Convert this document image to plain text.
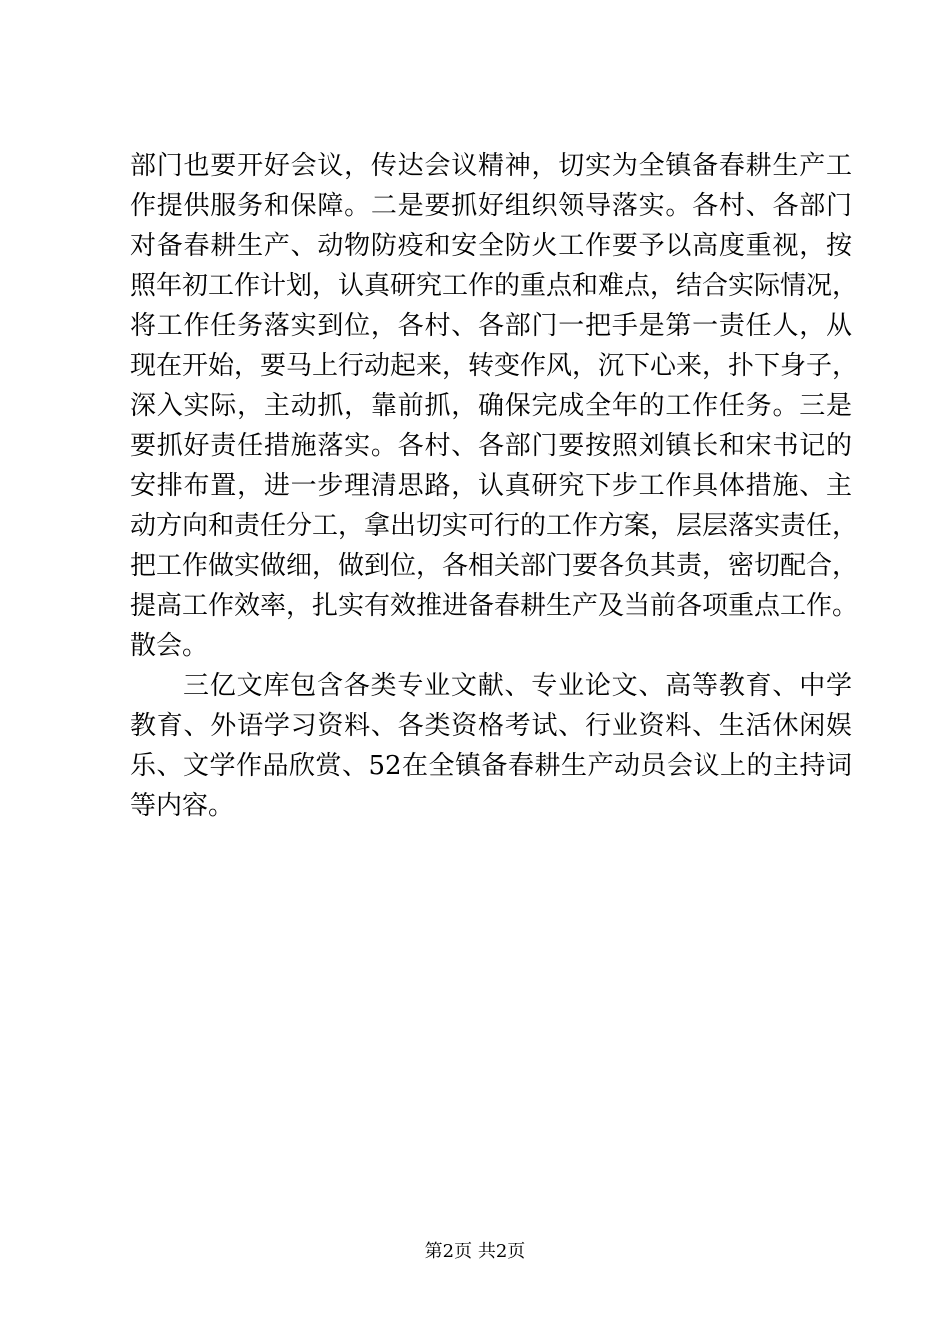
部门也要开好会议，传达会议精神，切实为全镇备春耕生产工
作提供服务和保障。二是要抓好组织领导落实。各村、各部门
对备春耕生产、动物防疫和安全防火工作要予以高度重视，按
照年初工作计划，认真研究工作的重点和难点，结合实际情况，
将工作任务落实到位，各村、各部门一把手是第一责任人，从
现在开始，要马上行动起来，转变作风，沉下心来，扑下身子，
深入实际，主动抓，靠前抓，确保完成全年的工作任务。三是
要抓好责任措施落实。各村、各部门要按照刘镇长和宋书记的
安排布置，进一步理清思路，认真研究下步工作具体措施、主
动方向和责任分工，拿出切实可行的工作方案，层层落实责任，
把工作做实做细，做到位，各相关部门要各负其责，密切配合，
提高工作效率，扎实有效推进备春耕生产及当前各项重点工作。
散会。
三亿文库包含各类专业文献、专业论文、高等教育、中学
教育、外语学习资料、各类资格考试、行业资料、生活休闲娱
乐、文学作品欣赏、52在全镇备春耕生产动员会议上的主持词
等内容。
第2页 共2页
